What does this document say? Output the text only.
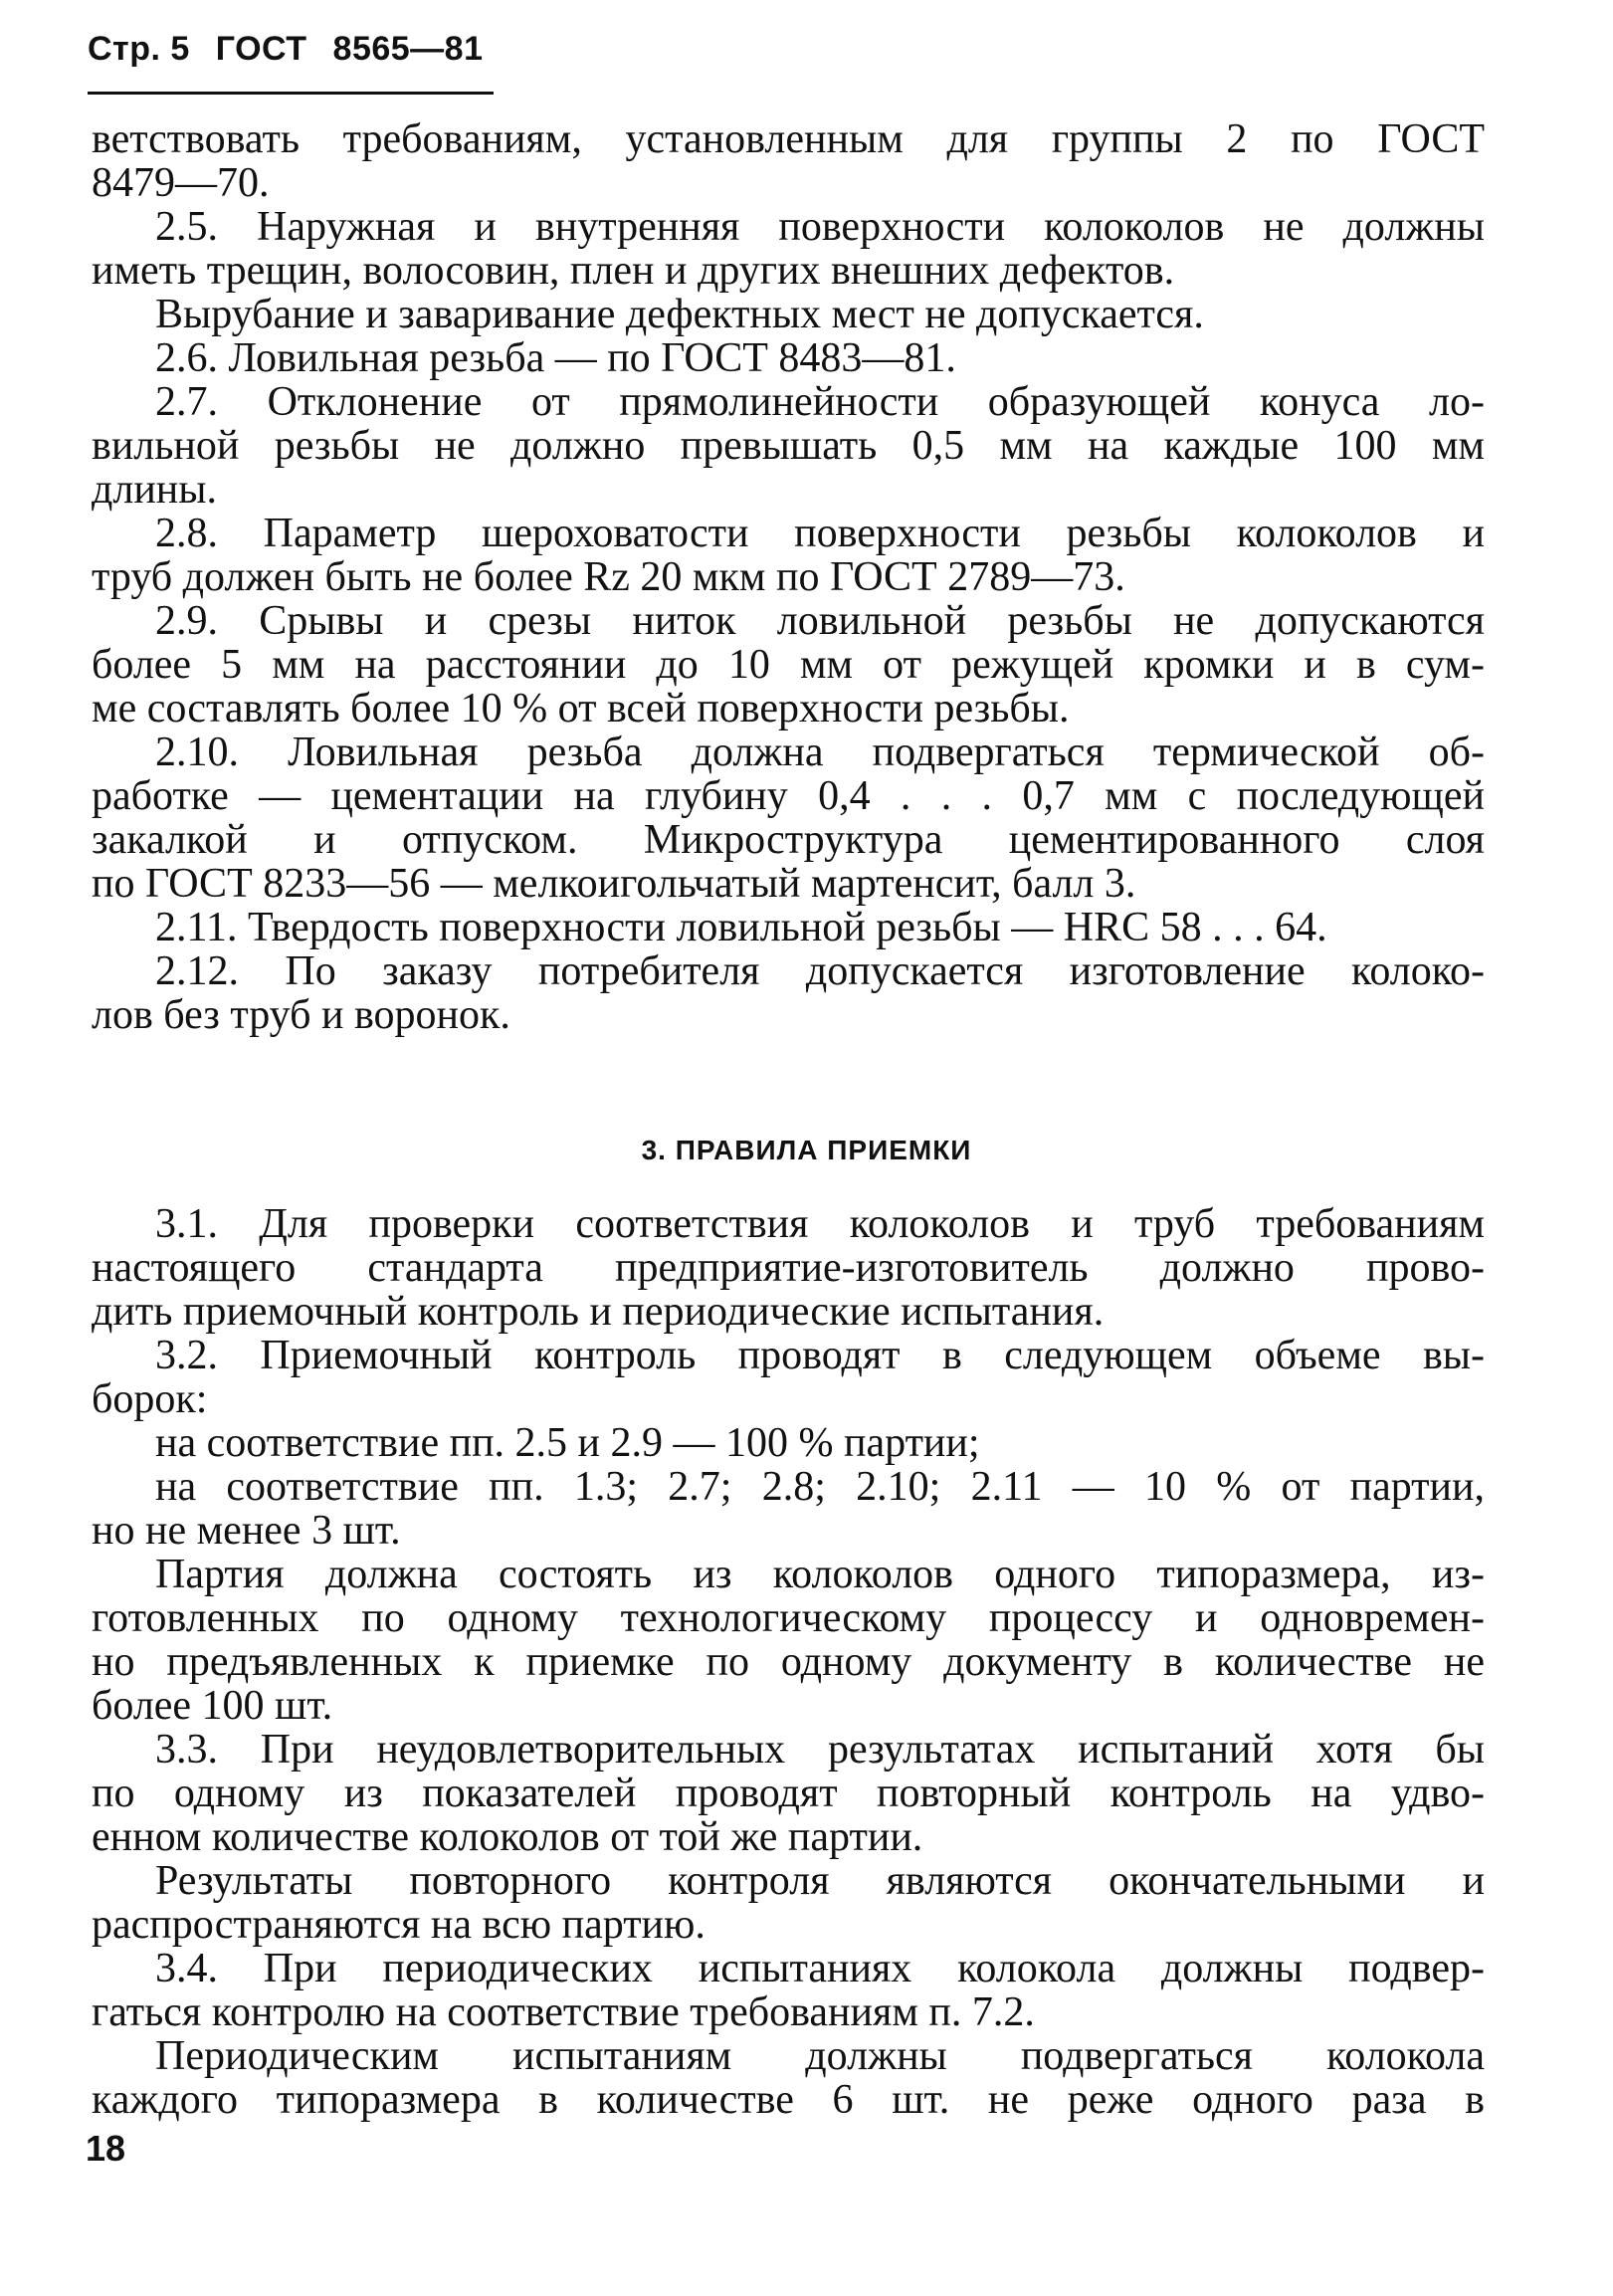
Стр. 5 ГОСТ 8565—81
ветствовать требованиям, установленным для группы 2 по ГОСТ
8479—70.
2.5. Наружная и внутренняя поверхности колоколов не должны
иметь трещин, волосовин, плен и других внешних дефектов.
Вырубание и заваривание дефектных мест не допускается.
2.6. Ловильная резьба — по ГОСТ 8483—81.
2.7. Отклонение от прямолинейности образующей конуса ло-
вильной резьбы не должно превышать 0,5 мм на каждые 100 мм
длины.
2.8. Параметр шероховатости поверхности резьбы колоколов и
труб должен быть не более Rz 20 мкм по ГОСТ 2789—73.
2.9. Срывы и срезы ниток ловильной резьбы не допускаются
более 5 мм на расстоянии до 10 мм от режущей кромки и в сум-
ме составлять более 10 % от всей поверхности резьбы.
2.10. Ловильная резьба должна подвергаться термической об-
работке — цементации на глубину 0,4 . . . 0,7 мм с последующей
закалкой и отпуском. Микроструктура цементированного слоя
по ГОСТ 8233—56 — мелкоигольчатый мартенсит, балл 3.
2.11. Твердость поверхности ловильной резьбы — HRC 58 . . . 64.
2.12. По заказу потребителя допускается изготовление колоко-
лов без труб и воронок.
3. ПРАВИЛА ПРИЕМКИ
3.1. Для проверки соответствия колоколов и труб требованиям
настоящего стандарта предприятие-изготовитель должно прово-
дить приемочный контроль и периодические испытания.
3.2. Приемочный контроль проводят в следующем объеме вы-
борок:
на соответствие пп. 2.5 и 2.9 — 100 % партии;
на соответствие пп. 1.3; 2.7; 2.8; 2.10; 2.11 — 10 % от партии,
но не менее 3 шт.
Партия должна состоять из колоколов одного типоразмера, из-
готовленных по одному технологическому процессу и одновремен-
но предъявленных к приемке по одному документу в количестве не
более 100 шт.
3.3. При неудовлетворительных результатах испытаний хотя бы
по одному из показателей проводят повторный контроль на удво-
енном количестве колоколов от той же партии.
Результаты повторного контроля являются окончательными и
распространяются на всю партию.
3.4. При периодических испытаниях колокола должны подвер-
гаться контролю на соответствие требованиям п. 7.2.
Периодическим испытаниям должны подвергаться колокола
каждого типоразмера в количестве 6 шт. не реже одного раза в
18
